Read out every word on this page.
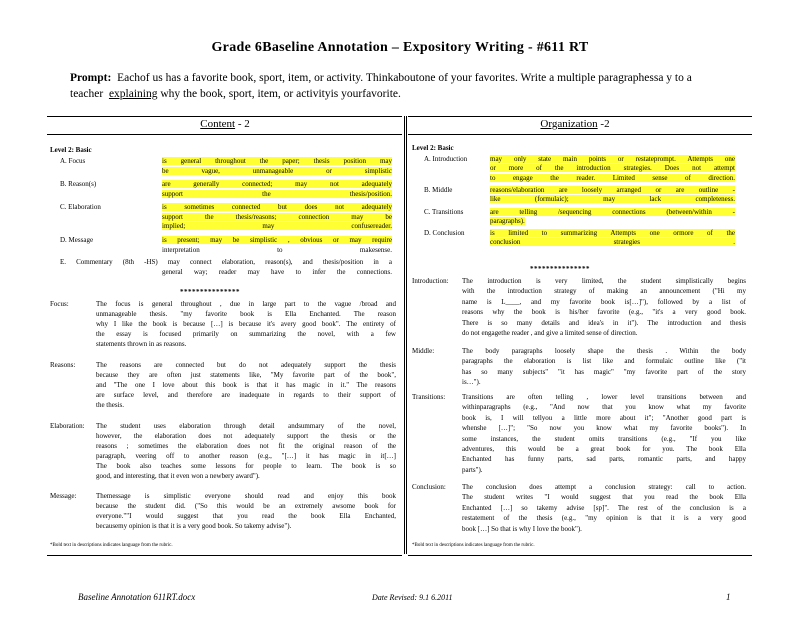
Grade 6Baseline Annotation – Expository Writing - #611 RT
Prompt: Eachof us has a favorite book, sport, item, or activity. Thinkaboutone of your favorites. Write a multiple paragraphessa y to a
teacher explaining why the book, sport, item, or activityis yourfavorite.
Content - 2	Organization -2
Level 2: Basic
A. Focus	is general throughout the paper; thesis position may
be vague, unmanageable or simplistic
B. Reason(s)	are generally connected; may not adequately
support the thesis/position.
C. Elaboration	is sometimes connected but does not adequately
support the thesis/reasons; connection may be
implied; may confusereader.
D. Message	is present; may be simplistic , obvious or may require
interpretation to makesense.
E. Commentary (8th -HS) may connect elaboration, reason(s), and thesis/position in a
general way; reader may have to infer the connections.
***************
Focus:	The focus is general throughout , due in large part to the vague /broad and
unmanageable thesis. "my favorite book is Ella Enchanted. The reason
why I like the book is because […] is because it's avery good book". The entirety of
the essay is focused primarily on summarizing the novel, with a few
statements thrown in as reasons.
Reasons:	The reasons are connected but do not adequately support the thesis
because they are often just statements like, "My favorite part of the book",
and "The one I love about this book is that it has magic in it." The reasons
are surface level, and therefore are inadequate in regards to their support of
the thesis.
Elaboration: The student uses elaboration through detail andsummary of the novel,
however, the elaboration does not adequately support the thesis or the
reasons ; sometimes the elaboration does not fit the original reason of the
paragraph, veering off to another reason (e.g., "[…] it has magic in it[…]
The book also teaches some lessons for people to learn. The book is so
good, and interesting, that it even won a newbery award").
Message:	Themessage is simplistic everyone should read and enjoy this book
because the student did. ("So this would be an extremely awsome book for
everyone.""I would suggest that you read the book Ella Enchanted,
becausemy opinion is that it is a very good book. So takemy advise").
*Bold text in descriptions indicates language from the rubric.
Level 2: Basic
A. Introduction	may only state main points or restateprompt. Attempts one
or more of the introduction strategies. Does not attempt
to engage the reader. Limited sense of direction.
B. Middle	reasons/elaboration are loosely arranged or are outline -
like (formulaic); may lack completeness.
C. Transitions	are telling /sequencing connections (between/within -
paragraphs).
D. Conclusion	is limited to summarizing Attempts one ormore of the
conclusion strategies .
***************
Introduction: The introduction is very limited, the student simplistically begins
with the introduction strategy of making an announcement ("Hi my
name is L____, and my favorite book is[…]"), followed by a list of
reasons why the book is his/her favorite (e.g., "it's a very good book.
There is so many details and idea's in it"). The introduction and thesis
do not engagethe reader , and give a limited sense of direction.
Middle:	The body paragraphs loosely shape the thesis . Within the body
paragraphs the elaboration is list like and formulaic outline like ("it
has so many subjects" "it has magic" "my favorite part of the story
is…").
Transitions: Transitions are often telling , lower level transitions between and
withinparagraphs (e.g., "And now that you know what my favorite
book is, I will tellyou a little more about it"; "Another good part is
whenshe […]"; "So now you know what my favorite books"). In
some instances, the student omits transitions (e.g., "If you like
adventures, this would be a great book for you. The book Ella
Enchanted has funny parts, sad parts, romantic parts, and happy
parts").
Conclusion: The conclusion does attempt a conclusion strategy: call to action.
The student writes "I would suggest that you read the book Ella
Enchanted […] so takemy advise [sp]". The rest of the conclusion is a
restatement of the thesis (e.g., "my opinion is that it is a very good
book […] So that is why I love the book").
*Bold text in descriptions indicates language from the rubric.
Baseline Annotation 611RT.docx	Date Revised: 9.1 6.2011	1
